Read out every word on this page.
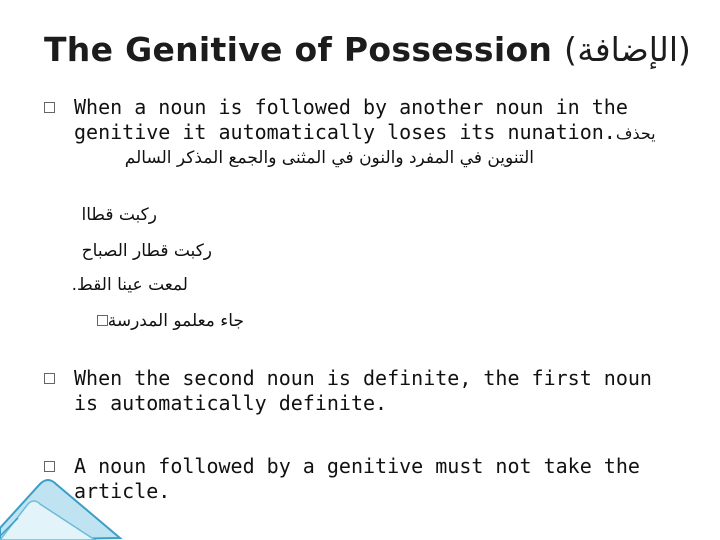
The Genitive of Possession (الإضافة)
When a noun is followed by another noun in the
genitive it automatically loses its nunation.يحذف
التنوين في المفرد والنون في المثنى والجمع المذكر السالم
ركبت قطاا
ركبت قطار الصباح
لمعت عينا القط.
جاء معلمو المدرسة
When the second noun is definite, the first noun
is automatically definite.
A noun followed by a genitive must not take the
article.
